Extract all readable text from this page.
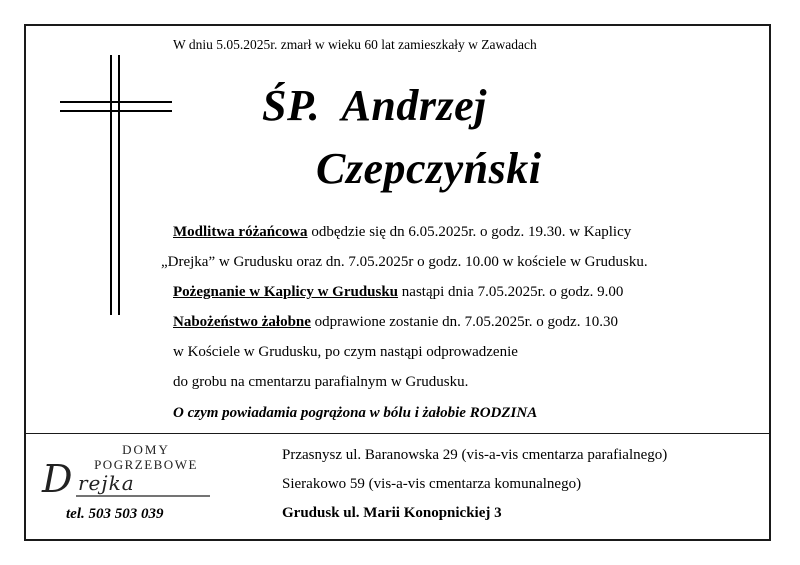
W dniu 5.05.2025r. zmarł w wieku 60 lat zamieszkały w Zawadach
ŚP.  Andrzej
Czepczyński
Modlitwa różańcowa odbędzie się dn 6.05.2025r. o godz. 19.30. w Kaplicy
„Drejka” w Grudusku oraz dn. 7.05.2025r o godz. 10.00 w kościele w Grudusku.
Pożegnanie w Kaplicy w Grudusku nastąpi dnia 7.05.2025r. o godz. 9.00
Nabożeństwo żałobne odprawione zostanie dn. 7.05.2025r. o godz. 10.30
w Kościele w Grudusku, po czym nastąpi odprowadzenie
do grobu na cmentarzu parafialnym w Grudusku.
O czym powiadamia pogrążona w bólu i żałobie RODZINA
DOMY
POGRZEBOWE
D rejka
tel. 503 503 039
Przasnysz ul. Baranowska 29 (vis-a-vis cmentarza parafialnego)
Sierakowo 59 (vis-a-vis cmentarza komunalnego)
Grudusk ul. Marii Konopnickiej 3
